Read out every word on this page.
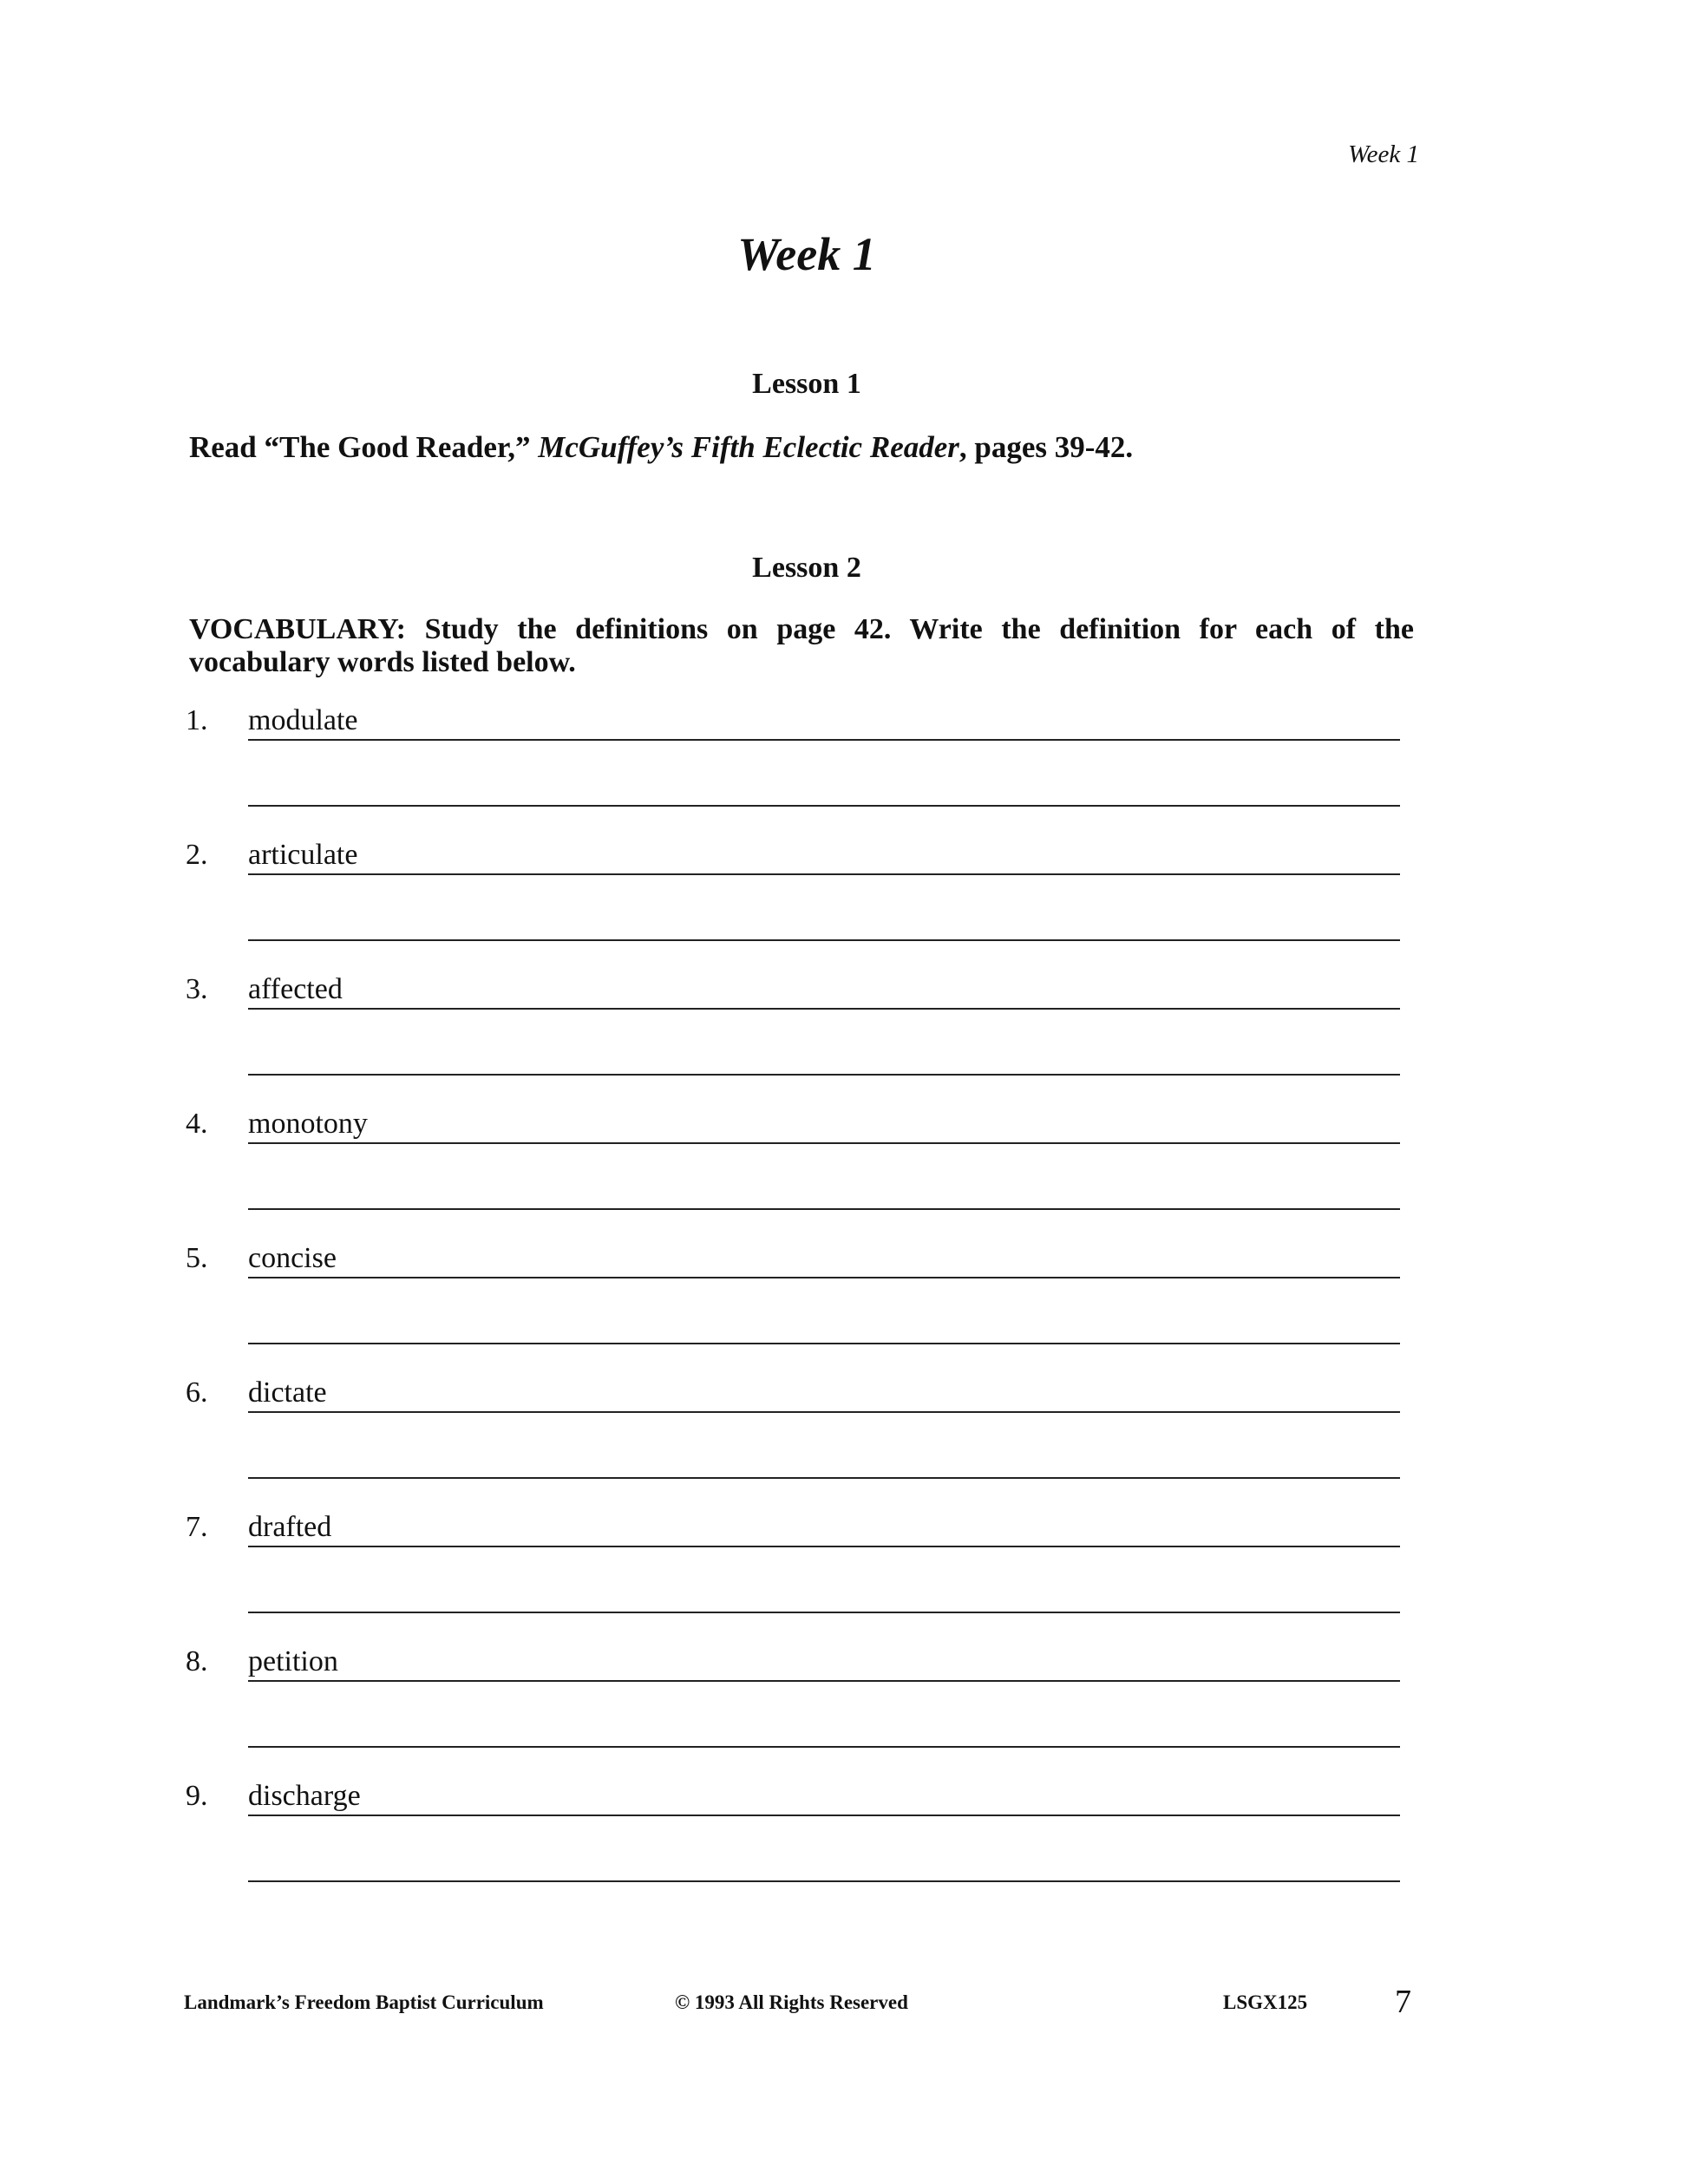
Week 1
Week 1
Lesson 1
Read “The Good Reader,” McGuffey’s Fifth Eclectic Reader, pages 39-42.
Lesson 2
VOCABULARY: Study the definitions on page 42. Write the definition for each of the
vocabulary words listed below.
1. modulate
2. articulate
3. affected
4. monotony
5. concise
6. dictate
7. drafted
8. petition
9. discharge
Landmark’s Freedom Baptist Curriculum	© 1993 All Rights Reserved	LSGX125	7
